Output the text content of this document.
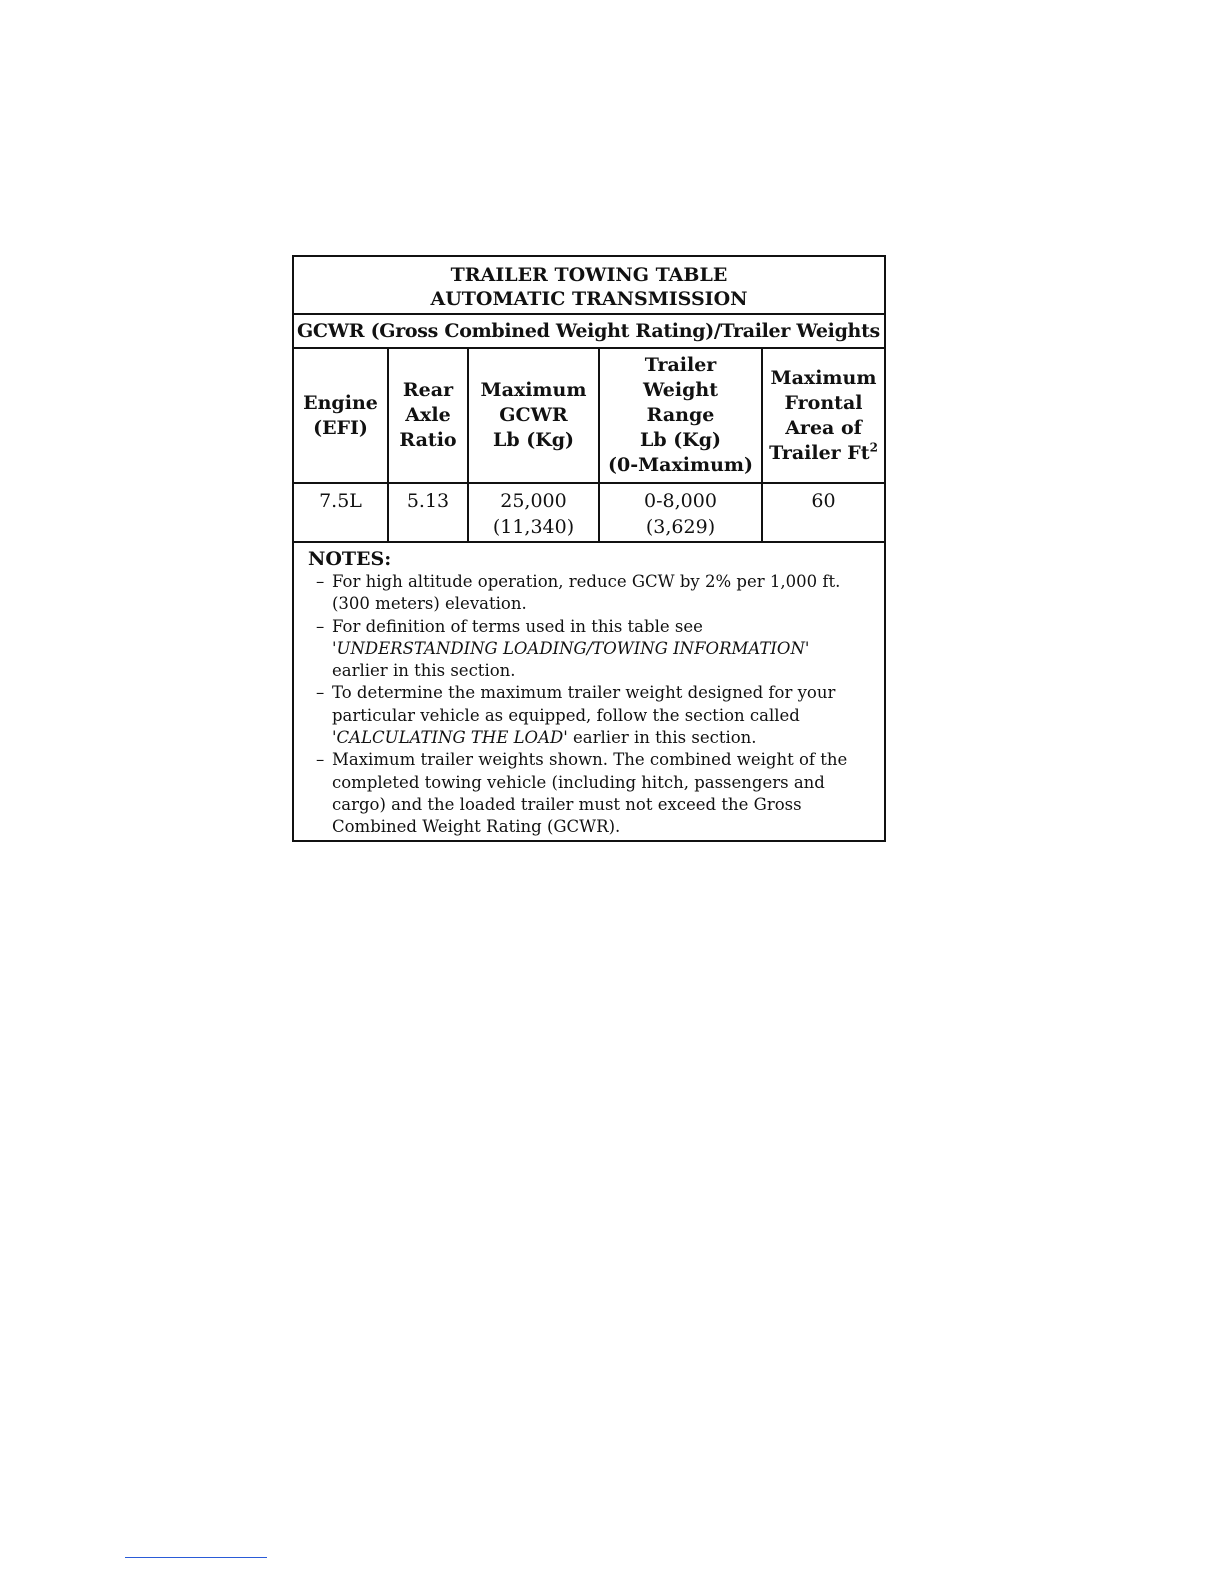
TRAILER TOWING TABLE
AUTOMATIC TRANSMISSION
GCWR (Gross Combined Weight Rating)/Trailer Weights
Engine
(EFI)
Rear
Axle
Ratio
Maximum
GCWR
Lb (Kg)
Trailer
Weight
Range
Lb (Kg)
(0-Maximum)
Maximum
Frontal
Area of
Trailer Ft$^2$
7.5L 5.13	25,000
(11,340)
0-8,000
(3,629)
60
NOTES:
– For high altitude operation, reduce GCW by 2% per 1,000 ft.
(300 meters) elevation.
– For definition of terms used in this table see
'UNDERSTANDING LOADING/TOWING INFORMATION'
earlier in this section.
– To determine the maximum trailer weight designed for your
particular vehicle as equipped, follow the section called
'CALCULATING THE LOAD' earlier in this section.
– Maximum trailer weights shown. The combined weight of the
completed towing vehicle (including hitch, passengers and
cargo) and the loaded trailer must not exceed the Gross
Combined Weight Rating (GCWR).
